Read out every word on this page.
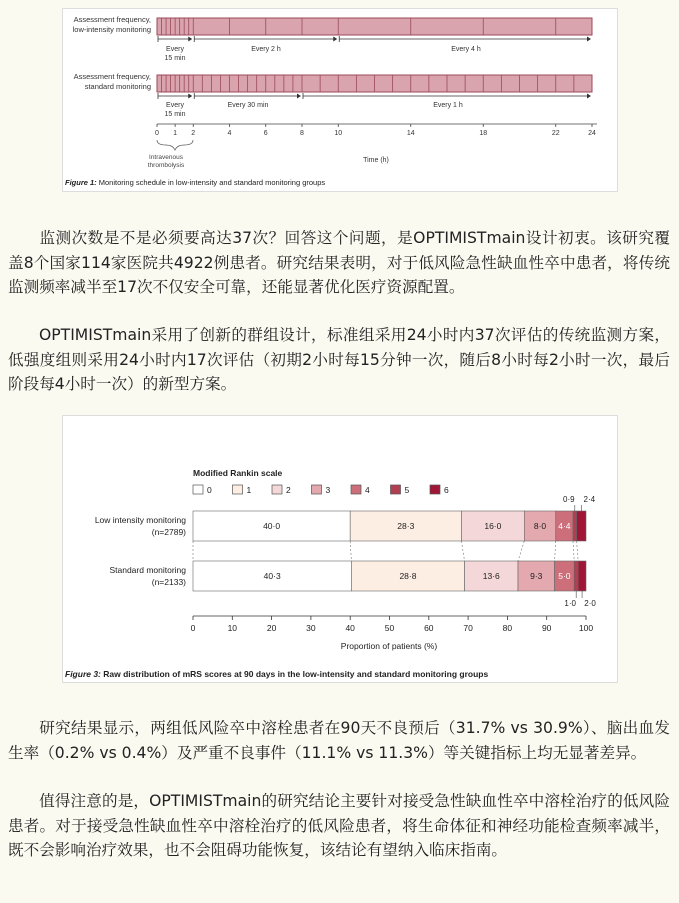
Assessment frequency,
low-intensity monitoring
Every
15 min
Every 2 h	Every 4 h
Assessment frequency,
standard monitoring
Every
15 min
Every 30 min	Every 1 h
0 1 2	4	6	8	10	14	18	22	24
Intravenous
thrombolysis
Time (h)
Figure 1: Monitoring schedule in low-intensity and standard monitoring groups

监测次数是不是必须要高达37次？回答这个问题，是OPTIMISTmain设计初衷。该研究覆盖8个国家114家医院共4922例患者。研究结果表明，对于低风险急性缺血性卒中患者，将传统监测频率减半至17次不仅安全可靠，还能显著优化医疗资源配置。

OPTIMISTmain采用了创新的群组设计，标准组采用24小时内37次评估的传统监测方案，低强度组则采用24小时内17次评估（初期2小时每15分钟一次，随后8小时每2小时一次，最后阶段每4小时一次）的新型方案。

Modified Rankin scale
0	1	2	3	4	5	6
Low intensity monitoring
(n=2789)
Standard monitoring
(n=2133)
40·0	28·3	16·0	8·0 4·4
40·3	28·8	13·6	9·3 5·0
0·9 2·4
1·0 2·0
0	10	20	30	40	50	60	70	80	90	100
Proportion of patients (%)
Figure 3: Raw distribution of mRS scores at 90 days in the low-intensity and standard monitoring groups

研究结果显示，两组低风险卒中溶栓患者在90天不良预后（31.7% vs 30.9%）、脑出血发生率（0.2% vs 0.4%）及严重不良事件（11.1% vs 11.3%）等关键指标上均无显著差异。

值得注意的是，OPTIMISTmain的研究结论主要针对接受急性缺血性卒中溶栓治疗的低风险患者。对于接受急性缺血性卒中溶栓治疗的低风险患者，将生命体征和神经功能检查频率减半，既不会影响治疗效果，也不会阻碍功能恢复，该结论有望纳入临床指南。
